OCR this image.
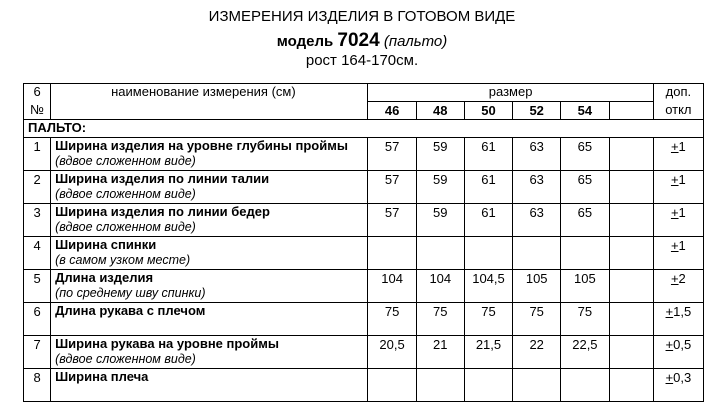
ИЗМЕРЕНИЯ ИЗДЕЛИЯ В ГОТОВОМ ВИДЕ
модель 7024 (пальто)
рост 164-170см.
6	наименование измерения (см)	размер						доп.
№		46	48	50	52	54		откл
ПАЛЬТО:								
1	Ширина изделия на уровне глубины проймы
(вдвое сложенном виде)	57	59	61	63	65		+1
2	Ширина изделия по линии талии
(вдвое сложенном виде)	57	59	61	63	65		+1
3	Ширина изделия по линии бедер
(вдвое сложенном виде)	57	59	61	63	65		+1
4	Ширина спинки
(в самом узком месте)							+1
5	Длина изделия
(по среднему шву спинки)	104	104	104,5	105	105		+2
6	Длина рукава с плечом	75	75	75	75	75		+1,5
7	Ширина рукава на уровне проймы
(вдвое сложенном виде)	20,5	21	21,5	22	22,5		+0,5
8	Ширина плеча							+0,3
